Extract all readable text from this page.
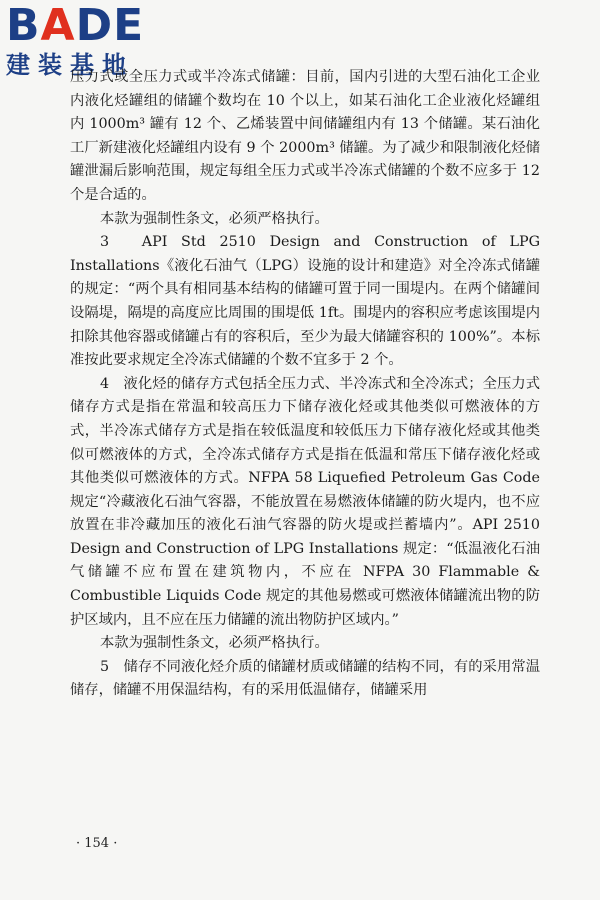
BADE
建装基地

压力式或全压力式或半冷冻式储罐：目前，国内引进的大型石油化工企业内液化烃罐组的储罐个数均在 10 个以上，如某石油化工企业液化烃罐组内 1000m³ 罐有 12 个、乙烯装置中间储罐组内有 13 个储罐。某石油化工厂新建液化烃罐组内设有 9 个 2000m³ 储罐。为了减少和限制液化烃储罐泄漏后影响范围，规定每组全压力式或半冷冻式储罐的个数不应多于 12 个是合适的。

本款为强制性条文，必须严格执行。

3　API Std 2510 Design and Construction of LPG Installations《液化石油气（LPG）设施的设计和建造》对全冷冻式储罐的规定：“两个具有相同基本结构的储罐可置于同一围堤内。在两个储罐间设隔堤，隔堤的高度应比周围的围堤低 1ft。围堤内的容积应考虑该围堤内扣除其他容器或储罐占有的容积后，至少为最大储罐容积的 100%”。本标准按此要求规定全冷冻式储罐的个数不宜多于 2 个。

4　液化烃的储存方式包括全压力式、半冷冻式和全冷冻式；全压力式储存方式是指在常温和较高压力下储存液化烃或其他类似可燃液体的方式，半冷冻式储存方式是指在较低温度和较低压力下储存液化烃或其他类似可燃液体的方式，全冷冻式储存方式是指在低温和常压下储存液化烃或其他类似可燃液体的方式。NFPA 58 Liquefied Petroleum Gas Code 规定“冷藏液化石油气容器，不能放置在易燃液体储罐的防火堤内，也不应放置在非冷藏加压的液化石油气容器的防火堤或拦蓄墙内”。API 2510 Design and Construction of LPG Installations 规定：“低温液化石油气储罐不应布置在建筑物内，不应在 NFPA 30 Flammable & Combustible Liquids Code 规定的其他易燃或可燃液体储罐流出物的防护区域内，且不应在压力储罐的流出物防护区域内。”

本款为强制性条文，必须严格执行。

5　储存不同液化烃介质的储罐材质或储罐的结构不同，有的采用常温储存，储罐不用保温结构，有的采用低温储存，储罐采用

· 154 ·
